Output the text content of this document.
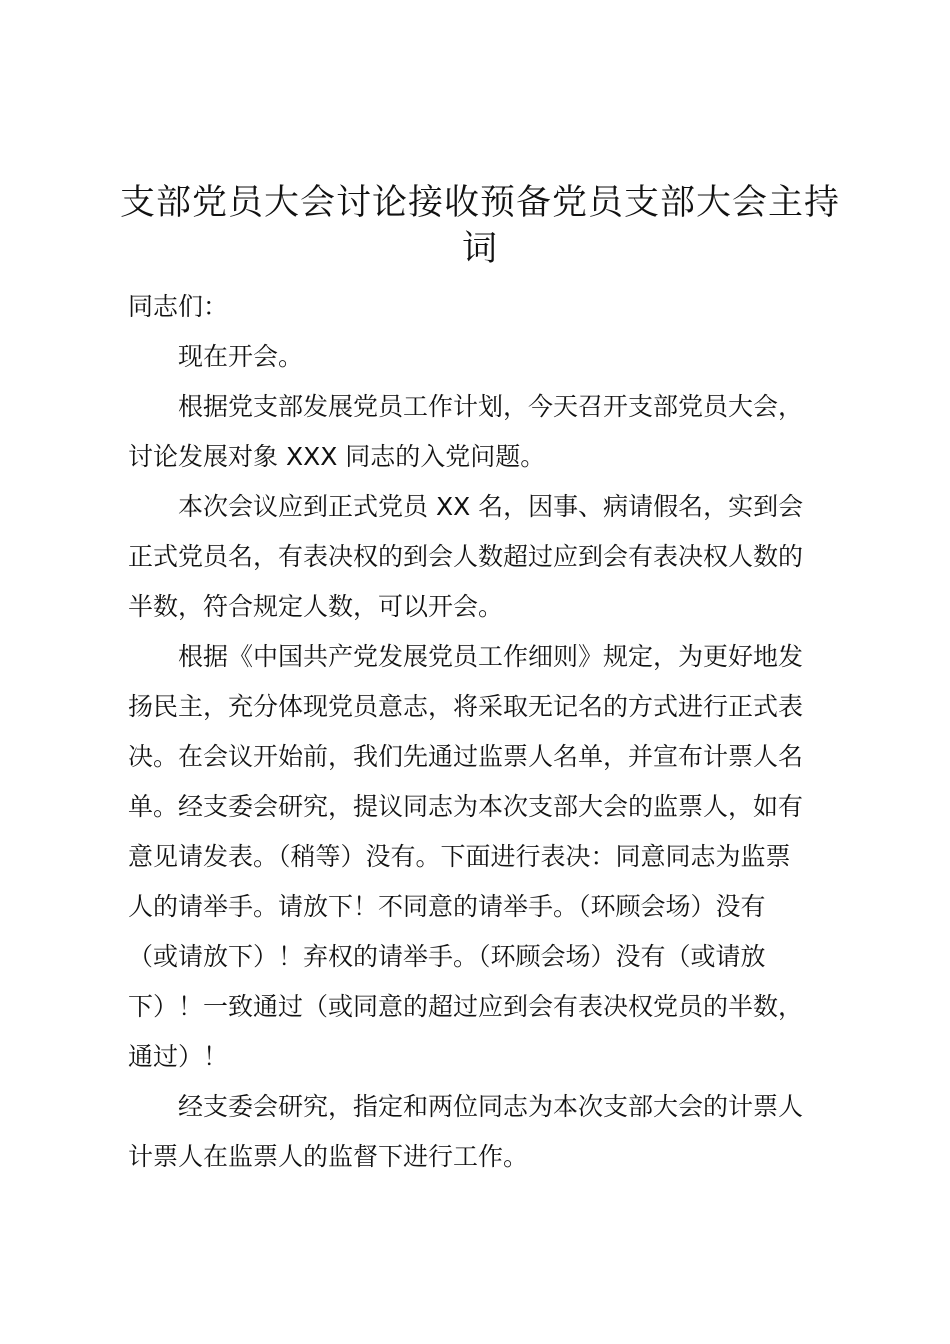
支部党员大会讨论接收预备党员支部大会主持
词

同志们：

现在开会。

根据党支部发展党员工作计划，今天召开支部党员大会，
讨论发展对象 XXX 同志的入党问题。

本次会议应到正式党员 XX 名，因事、病请假名，实到会
正式党员名，有表决权的到会人数超过应到会有表决权人数的
半数，符合规定人数，可以开会。

根据《中国共产党发展党员工作细则》规定，为更好地发
扬民主，充分体现党员意志，将采取无记名的方式进行正式表
决。在会议开始前，我们先通过监票人名单，并宣布计票人名
单。经支委会研究，提议同志为本次支部大会的监票人，如有
意见请发表。（稍等）没有。下面进行表决：同意同志为监票
人的请举手。请放下！不同意的请举手。（环顾会场）没有
（或请放下）！弃权的请举手。（环顾会场）没有（或请放
下）！一致通过（或同意的超过应到会有表决权党员的半数，
通过）！

经支委会研究，指定和两位同志为本次支部大会的计票人
计票人在监票人的监督下进行工作。
